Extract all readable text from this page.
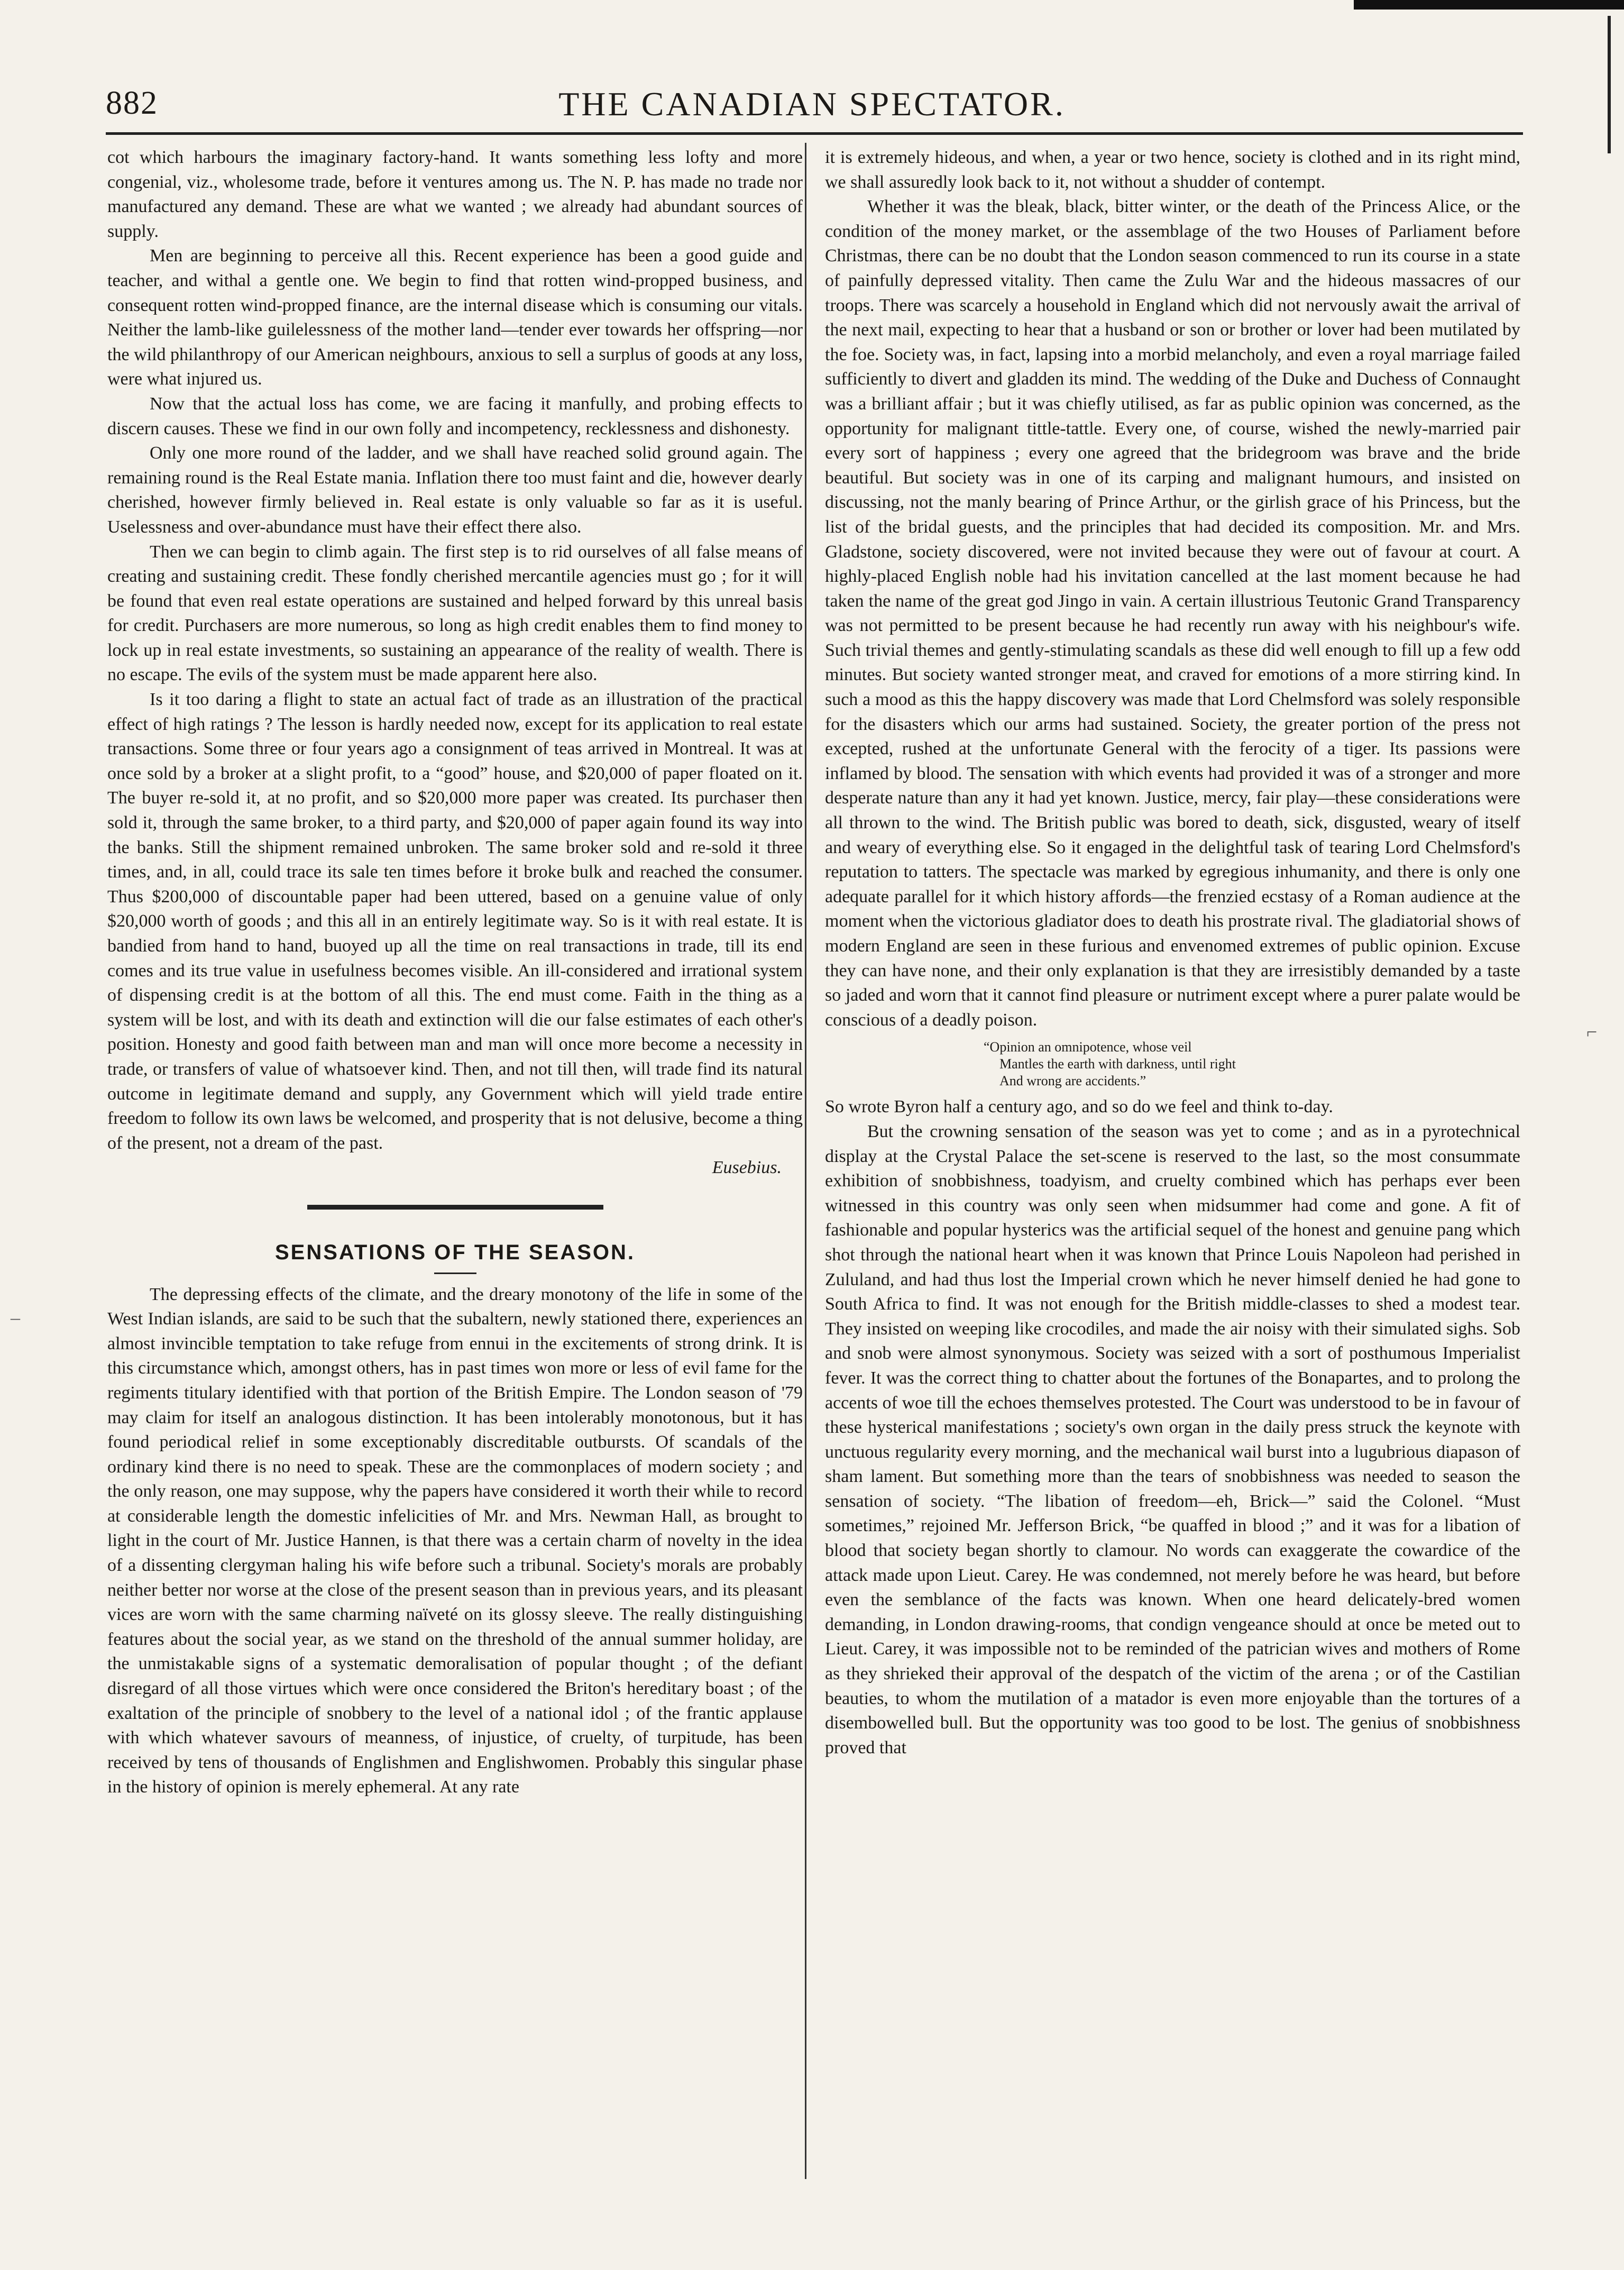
882	THE CANADIAN SPECTATOR.

cot which harbours the imaginary factory-hand. It wants something less lofty and more congenial, viz., wholesome trade, before it ventures among us. The N. P. has made no trade nor manufactured any demand. These are what we wanted ; we already had abundant sources of supply.

Men are beginning to perceive all this. Recent experience has been a good guide and teacher, and withal a gentle one. We begin to find that rotten wind-propped business, and consequent rotten wind-propped finance, are the internal disease which is consuming our vitals. Neither the lamb-like guilelessness of the mother land—tender ever towards her offspring—nor the wild philanthropy of our American neighbours, anxious to sell a surplus of goods at any loss, were what injured us.

Now that the actual loss has come, we are facing it manfully, and probing effects to discern causes. These we find in our own folly and incompetency, recklessness and dishonesty.

Only one more round of the ladder, and we shall have reached solid ground again. The remaining round is the Real Estate mania. Inflation there too must faint and die, however dearly cherished, however firmly believed in. Real estate is only valuable so far as it is useful. Uselessness and over-abundance must have their effect there also.

Then we can begin to climb again. The first step is to rid ourselves of all false means of creating and sustaining credit. These fondly cherished mercantile agencies must go ; for it will be found that even real estate operations are sustained and helped forward by this unreal basis for credit. Purchasers are more numerous, so long as high credit enables them to find money to lock up in real estate investments, so sustaining an appearance of the reality of wealth. There is no escape. The evils of the system must be made apparent here also.

Is it too daring a flight to state an actual fact of trade as an illustration of the practical effect of high ratings ? The lesson is hardly needed now, except for its application to real estate transactions. Some three or four years ago a consignment of teas arrived in Montreal. It was at once sold by a broker at a slight profit, to a “good” house, and $20,000 of paper floated on it. The buyer re-sold it, at no profit, and so $20,000 more paper was created. Its purchaser then sold it, through the same broker, to a third party, and $20,000 of paper again found its way into the banks. Still the shipment remained unbroken. The same broker sold and re-sold it three times, and, in all, could trace its sale ten times before it broke bulk and reached the consumer. Thus $200,000 of discountable paper had been uttered, based on a genuine value of only $20,000 worth of goods ; and this all in an entirely legitimate way. So is it with real estate. It is bandied from hand to hand, buoyed up all the time on real transactions in trade, till its end comes and its true value in usefulness becomes visible. An ill-considered and irrational system of dispensing credit is at the bottom of all this. The end must come. Faith in the thing as a system will be lost, and with its death and extinction will die our false estimates of each other's position. Honesty and good faith between man and man will once more become a necessity in trade, or transfers of value of whatsoever kind. Then, and not till then, will trade find its natural outcome in legitimate demand and supply, any Government which will yield trade entire freedom to follow its own laws be welcomed, and prosperity that is not delusive, become a thing of the present, not a dream of the past.

Eusebius.
SENSATIONS OF THE SEASON.

The depressing effects of the climate, and the dreary monotony of the life in some of the West Indian islands, are said to be such that the subaltern, newly stationed there, experiences an almost invincible temptation to take refuge from ennui in the excitements of strong drink. It is this circumstance which, amongst others, has in past times won more or less of evil fame for the regiments titulary identified with that portion of the British Empire. The London season of '79 may claim for itself an analogous distinction. It has been intolerably monotonous, but it has found periodical relief in some exceptionably discreditable outbursts. Of scandals of the ordinary kind there is no need to speak. These are the commonplaces of modern society ; and the only reason, one may suppose, why the papers have considered it worth their while to record at considerable length the domestic infelicities of Mr. and Mrs. Newman Hall, as brought to light in the court of Mr. Justice Hannen, is that there was a certain charm of novelty in the idea of a dissenting clergyman haling his wife before such a tribunal. Society's morals are probably neither better nor worse at the close of the present season than in previous years, and its pleasant vices are worn with the same charming naïveté on its glossy sleeve. The really distinguishing features about the social year, as we stand on the threshold of the annual summer holiday, are the unmistakable signs of a systematic demoralisation of popular thought ; of the defiant disregard of all those virtues which were once considered the Briton's hereditary boast ; of the exaltation of the principle of snobbery to the level of a national idol ; of the frantic applause with which whatever savours of meanness, of injustice, of cruelty, of turpitude, has been received by tens of thousands of Englishmen and Englishwomen. Probably this singular phase in the history of opinion is merely ephemeral. At any rate

it is extremely hideous, and when, a year or two hence, society is clothed and in its right mind, we shall assuredly look back to it, not without a shudder of contempt.

Whether it was the bleak, black, bitter winter, or the death of the Princess Alice, or the condition of the money market, or the assemblage of the two Houses of Parliament before Christmas, there can be no doubt that the London season commenced to run its course in a state of painfully depressed vitality. Then came the Zulu War and the hideous massacres of our troops. There was scarcely a household in England which did not nervously await the arrival of the next mail, expecting to hear that a husband or son or brother or lover had been mutilated by the foe. Society was, in fact, lapsing into a morbid melancholy, and even a royal marriage failed sufficiently to divert and gladden its mind. The wedding of the Duke and Duchess of Connaught was a brilliant affair ; but it was chiefly utilised, as far as public opinion was concerned, as the opportunity for malignant tittle-tattle. Every one, of course, wished the newly-married pair every sort of happiness ; every one agreed that the bridegroom was brave and the bride beautiful. But society was in one of its carping and malignant humours, and insisted on discussing, not the manly bearing of Prince Arthur, or the girlish grace of his Princess, but the list of the bridal guests, and the principles that had decided its composition. Mr. and Mrs. Gladstone, society discovered, were not invited because they were out of favour at court. A highly-placed English noble had his invitation cancelled at the last moment because he had taken the name of the great god Jingo in vain. A certain illustrious Teutonic Grand Transparency was not permitted to be present because he had recently run away with his neighbour's wife. Such trivial themes and gently-stimulating scandals as these did well enough to fill up a few odd minutes. But society wanted stronger meat, and craved for emotions of a more stirring kind. In such a mood as this the happy discovery was made that Lord Chelmsford was solely responsible for the disasters which our arms had sustained. Society, the greater portion of the press not excepted, rushed at the unfortunate General with the ferocity of a tiger. Its passions were inflamed by blood. The sensation with which events had provided it was of a stronger and more desperate nature than any it had yet known. Justice, mercy, fair play—these considerations were all thrown to the wind. The British public was bored to death, sick, disgusted, weary of itself and weary of everything else. So it engaged in the delightful task of tearing Lord Chelmsford's reputation to tatters. The spectacle was marked by egregious inhumanity, and there is only one adequate parallel for it which history affords—the frenzied ecstasy of a Roman audience at the moment when the victorious gladiator does to death his prostrate rival. The gladiatorial shows of modern England are seen in these furious and envenomed extremes of public opinion. Excuse they can have none, and their only explanation is that they are irresistibly demanded by a taste so jaded and worn that it cannot find pleasure or nutriment except where a purer palate would be conscious of a deadly poison.

“Opinion an omnipotence, whose veil
Mantles the earth with darkness, until right
And wrong are accidents.”

So wrote Byron half a century ago, and so do we feel and think to-day.

But the crowning sensation of the season was yet to come ; and as in a pyrotechnical display at the Crystal Palace the set-scene is reserved to the last, so the most consummate exhibition of snobbishness, toadyism, and cruelty combined which has perhaps ever been witnessed in this country was only seen when midsummer had come and gone. A fit of fashionable and popular hysterics was the artificial sequel of the honest and genuine pang which shot through the national heart when it was known that Prince Louis Napoleon had perished in Zululand, and had thus lost the Imperial crown which he never himself denied he had gone to South Africa to find. It was not enough for the British middle-classes to shed a modest tear. They insisted on weeping like crocodiles, and made the air noisy with their simulated sighs. Sob and snob were almost synonymous. Society was seized with a sort of posthumous Imperialist fever. It was the correct thing to chatter about the fortunes of the Bonapartes, and to prolong the accents of woe till the echoes themselves protested. The Court was understood to be in favour of these hysterical manifestations ; society's own organ in the daily press struck the keynote with unctuous regularity every morning, and the mechanical wail burst into a lugubrious diapason of sham lament. But something more than the tears of snobbishness was needed to season the sensation of society. “The libation of freedom—eh, Brick—” said the Colonel. “Must sometimes,” rejoined Mr. Jefferson Brick, “be quaffed in blood ;” and it was for a libation of blood that society began shortly to clamour. No words can exaggerate the cowardice of the attack made upon Lieut. Carey. He was condemned, not merely before he was heard, but before even the semblance of the facts was known. When one heard delicately-bred women demanding, in London drawing-rooms, that condign vengeance should at once be meted out to Lieut. Carey, it was impossible not to be reminded of the patrician wives and mothers of Rome as they shrieked their approval of the despatch of the victim of the arena ; or of the Castilian beauties, to whom the mutilation of a matador is even more enjoyable than the tortures of a disembowelled bull. But the opportunity was too good to be lost. The genius of snobbishness proved that

–
⌐
